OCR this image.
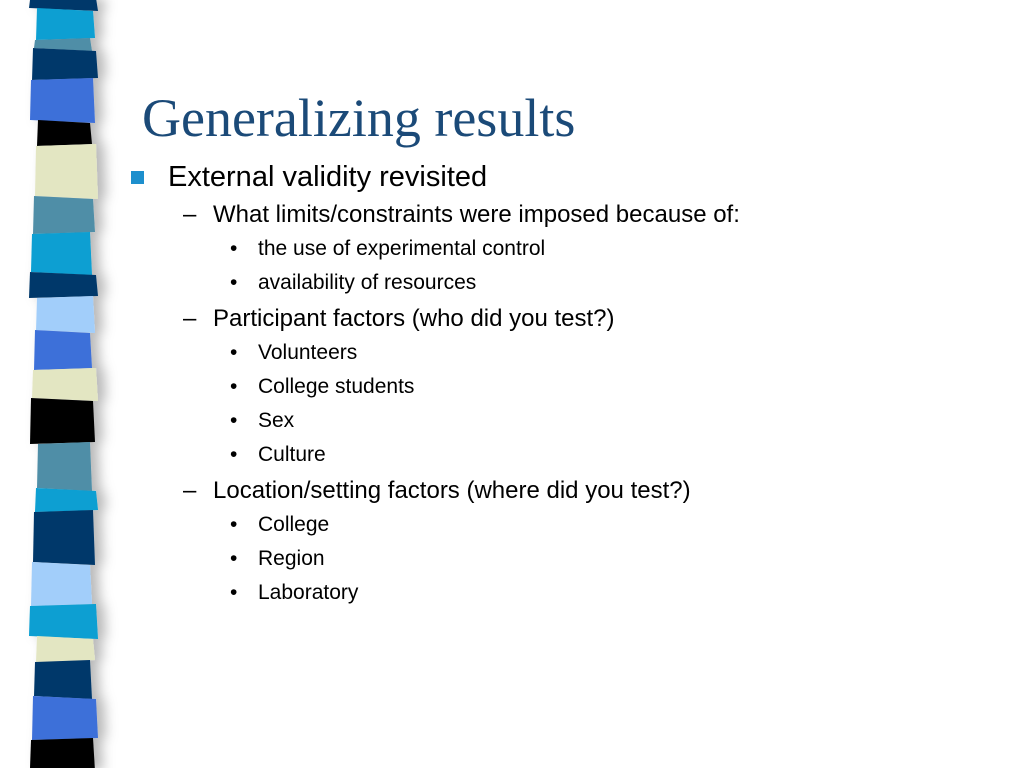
Generalizing results
External validity revisited
– What limits/constraints were imposed because of:
• the use of experimental control
• availability of resources
– Participant factors (who did you test?)
• Volunteers
• College students
• Sex
• Culture
– Location/setting factors (where did you test?)
• College
• Region
• Laboratory
